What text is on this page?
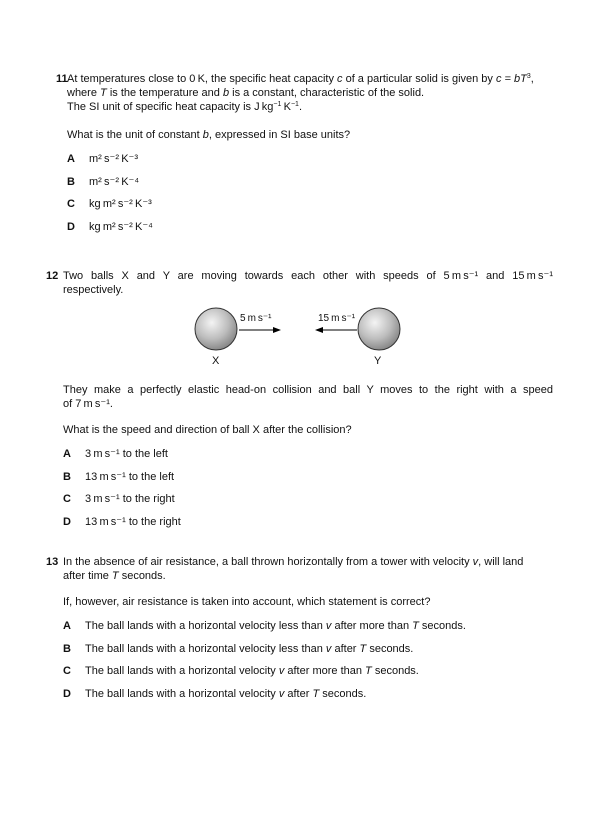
11 At temperatures close to 0 K, the specific heat capacity c of a particular solid is given by $c = bT^3$,
where T is the temperature and b is a constant, characteristic of the solid.
The SI unit of specific heat capacity is J $kg^{-1}$ $K^{-1}$.
What is the unit of constant b, expressed in SI base units?
A m² s⁻² K⁻³
B m² s⁻² K⁻⁴
C kg m² s⁻² K⁻³
D kg m² s⁻² K⁻⁴
12 Two balls X and Y are moving towards each other with speeds of 5 m s⁻¹ and 15 m s⁻¹
respectively.
5 m s⁻¹	15 m s⁻¹
X	Y
They make a perfectly elastic head-on collision and ball Y moves to the right with a speed
of 7 m s⁻¹.
What is the speed and direction of ball X after the collision?
A 3 m s⁻¹ to the left
B 13 m s⁻¹ to the left
C 3 m s⁻¹ to the right
D 13 m s⁻¹ to the right
13 In the absence of air resistance, a ball thrown horizontally from a tower with velocity v, will land
after time T seconds.
If, however, air resistance is taken into account, which statement is correct?
A The ball lands with a horizontal velocity less than v after more than T seconds.
B The ball lands with a horizontal velocity less than v after T seconds.
C The ball lands with a horizontal velocity v after more than T seconds.
D The ball lands with a horizontal velocity v after T seconds.
